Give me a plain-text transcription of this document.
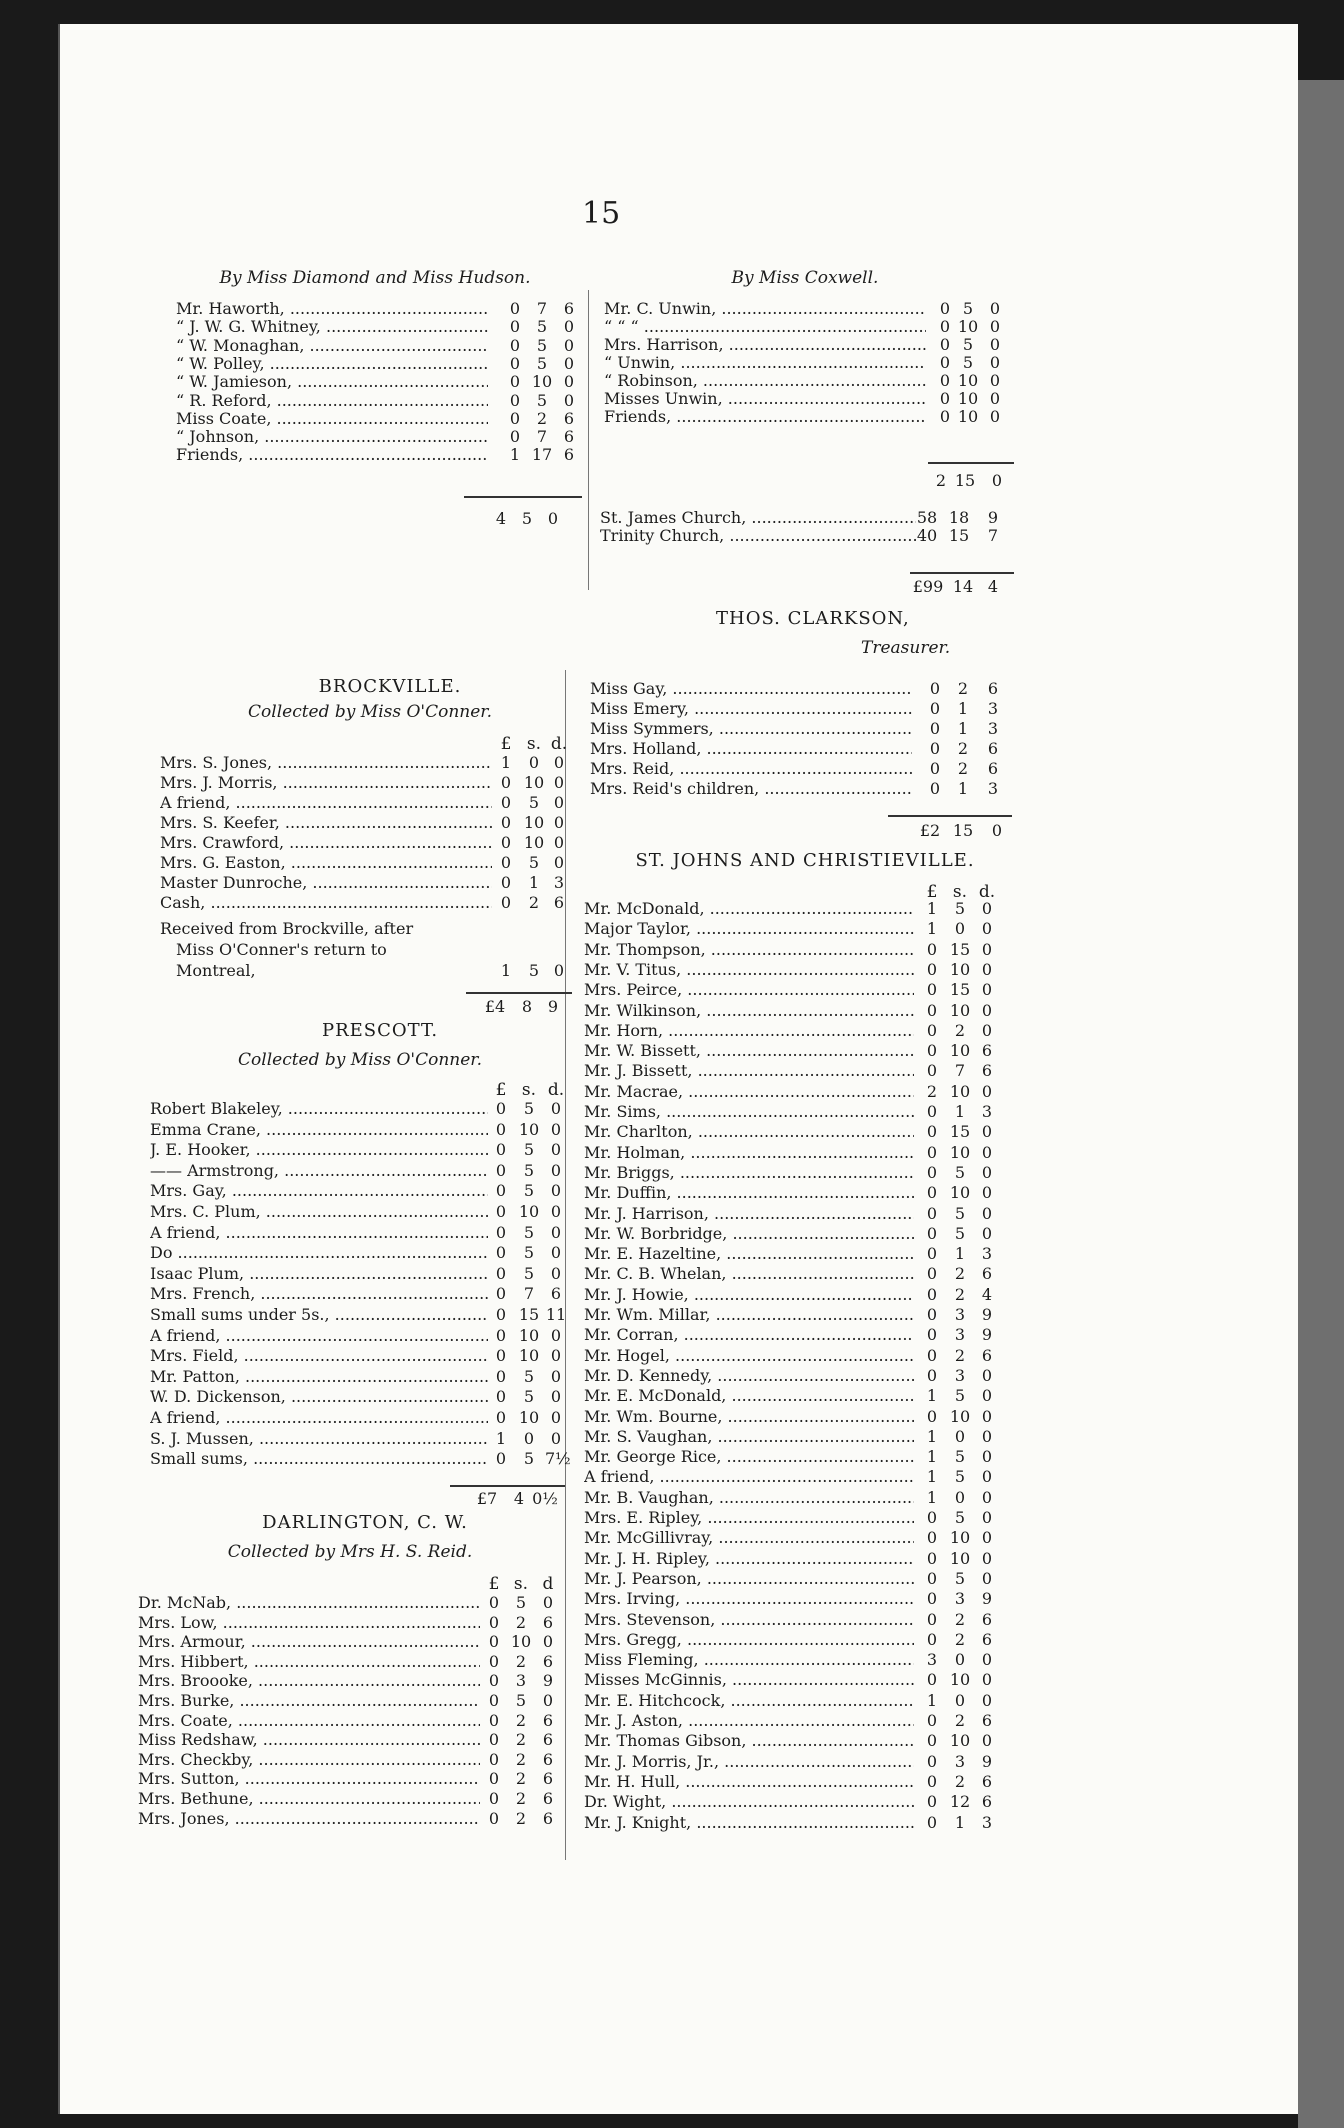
15
By Miss Diamond and Miss Hudson.	By Miss Coxwell.
THOS. CLARKSON,
Treasurer.
BROCKVILLE.
Collected by Miss O'Conner.
PRESCOTT.
Collected by Miss O'Conner.
DARLINGTON, C. W.
Collected by Mrs H. S. Reid.
ST. JOHNS AND CHRISTIEVILLE.
£ s. d.
£ s. d.
£ s. d
£ s. d.
Received from Brockville, after
Miss O'Conner's return to
Montreal,	1	5 0
4 5 0
2 15	0
£99 14 4
£2 15	0
£4	8 9
£7	4 0½
Mr. Haworth, .....	0	7	6
“ J. W. G. Whitney, .....	0	5	0
“ W. Monaghan, .....	0	5	0
“ W. Polley, .....	0	5	0
“ W. Jamieson, .....	0 10 0
“ R. Reford, .....	0	5	0
Miss Coate, .....	0	2	6
“ Johnson, .....	0	7	6
Friends, .....	1 17 6
Mr. C. Unwin, .....	0 5	0
“ “ “ .....	0 10 0
Mrs. Harrison, .....	0 5	0
“ Unwin, .....	0 5	0
“ Robinson, .....	0 10 0
Misses Unwin, .....	0 10 0
Friends, .....	0 10 0
St. James Church, .....	58 18	9
Trinity Church, .....	40 15	7
Mrs. S. Jones, .....	1	0 0
Mrs. J. Morris, .....	0 10 0
A friend, .....	0	5 0
Mrs. S. Keefer, .....	0 10 0
Mrs. Crawford, .....	0 10 0
Mrs. G. Easton, .....	0	5 0
Master Dunroche, .....	0	1 3
Cash, .....	0	2 6
Miss Gay, .....	0	2	6
Miss Emery, .....	0	1	3
Miss Symmers, .....	0	1	3
Mrs. Holland, .....	0	2	6
Mrs. Reid, .....	0	2	6
Mrs. Reid's children, .....	0	1	3
Robert Blakeley, .....	0	5	0
Emma Crane, .....	0 10 0
J. E. Hooker, .....	0	5	0
—— Armstrong, .....	0	5	0
Mrs. Gay, .....	0	5	0
Mrs. C. Plum, .....	0 10 0
A friend, .....	0	5	0
Do .....	0	5	0
Isaac Plum, .....	0	5	0
Mrs. French, .....	0	7	6
Small sums under 5s., .....	0 15 11
A friend, .....	0 10 0
Mrs. Field, .....	0 10 0
Mr. Patton, .....	0	5	0
W. D. Dickenson, .....	0	5	0
A friend, .....	0 10 0
S. J. Mussen, .....	1	0	0
Small sums, .....	0	5 7½
Dr. McNab, .....	0	5	0
Mrs. Low, .....	0	2	6
Mrs. Armour, .....	0 10 0
Mrs. Hibbert, .....	0	2	6
Mrs. Broooke, .....	0	3	9
Mrs. Burke, .....	0	5	0
Mrs. Coate, .....	0	2	6
Miss Redshaw, .....	0	2	6
Mrs. Checkby, .....	0	2	6
Mrs. Sutton, .....	0	2	6
Mrs. Bethune, .....	0	2	6
Mrs. Jones, .....	0	2	6
Mr. McDonald, .....	1	5	0
Major Taylor, .....	1	0	0
Mr. Thompson, .....	0 15 0
Mr. V. Titus, .....	0 10 0
Mrs. Peirce, .....	0 15 0
Mr. Wilkinson, .....	0 10 0
Mr. Horn, .....	0	2	0
Mr. W. Bissett, .....	0 10 6
Mr. J. Bissett, .....	0	7	6
Mr. Macrae, .....	2 10 0
Mr. Sims, .....	0	1	3
Mr. Charlton, .....	0 15 0
Mr. Holman, .....	0 10 0
Mr. Briggs, .....	0	5	0
Mr. Duffin, .....	0 10 0
Mr. J. Harrison, .....	0	5	0
Mr. W. Borbridge, .....	0	5	0
Mr. E. Hazeltine, .....	0	1	3
Mr. C. B. Whelan, .....	0	2	6
Mr. J. Howie, .....	0	2	4
Mr. Wm. Millar, .....	0	3	9
Mr. Corran, .....	0	3	9
Mr. Hogel, .....	0	2	6
Mr. D. Kennedy, .....	0	3	0
Mr. E. McDonald, .....	1	5	0
Mr. Wm. Bourne, .....	0 10 0
Mr. S. Vaughan, .....	1	0	0
Mr. George Rice, .....	1	5	0
A friend, .....	1	5	0
Mr. B. Vaughan, .....	1	0	0
Mrs. E. Ripley, .....	0	5	0
Mr. McGillivray, .....	0 10 0
Mr. J. H. Ripley, .....	0 10 0
Mr. J. Pearson, .....	0	5	0
Mrs. Irving, .....	0	3	9
Mrs. Stevenson, .....	0	2	6
Mrs. Gregg, .....	0	2	6
Miss Fleming, .....	3	0	0
Misses McGinnis, .....	0 10 0
Mr. E. Hitchcock, .....	1	0	0
Mr. J. Aston, .....	0	2	6
Mr. Thomas Gibson, .....	0 10 0
Mr. J. Morris, Jr., .....	0	3	9
Mr. H. Hull, .....	0	2	6
Dr. Wight, .....	0 12 6
Mr. J. Knight, .....	0	1	3
